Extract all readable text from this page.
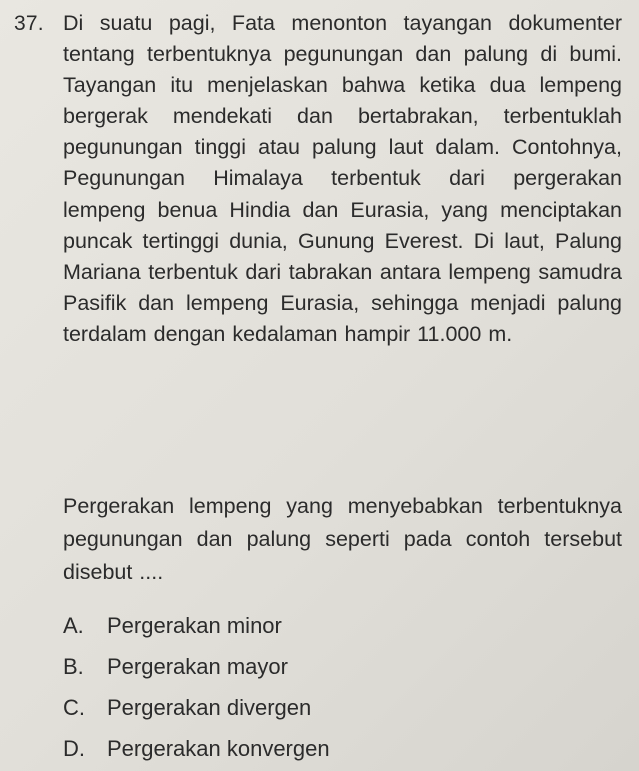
37. Di suatu pagi, Fata menonton tayangan dokumenter tentang terbentuknya pegunungan dan palung di bumi. Tayangan itu menjelaskan bahwa ketika dua lempeng bergerak mendekati dan bertabrakan, terbentuklah pegunungan tinggi atau palung laut dalam. Contohnya, Pegunungan Himalaya terbentuk dari pergerakan lempeng benua Hindia dan Eurasia, yang menciptakan puncak tertinggi dunia, Gunung Everest. Di laut, Palung Mariana terbentuk dari tabrakan antara lempeng samudra Pasifik dan lempeng Eurasia, sehingga menjadi palung terdalam dengan kedalaman hampir 11.000 m.
Pergerakan lempeng yang menyebabkan terbentuknya pegunungan dan palung seperti pada contoh tersebut disebut ....
A.	Pergerakan minor
B.	Pergerakan mayor
C.	Pergerakan divergen
D.	Pergerakan konvergen
